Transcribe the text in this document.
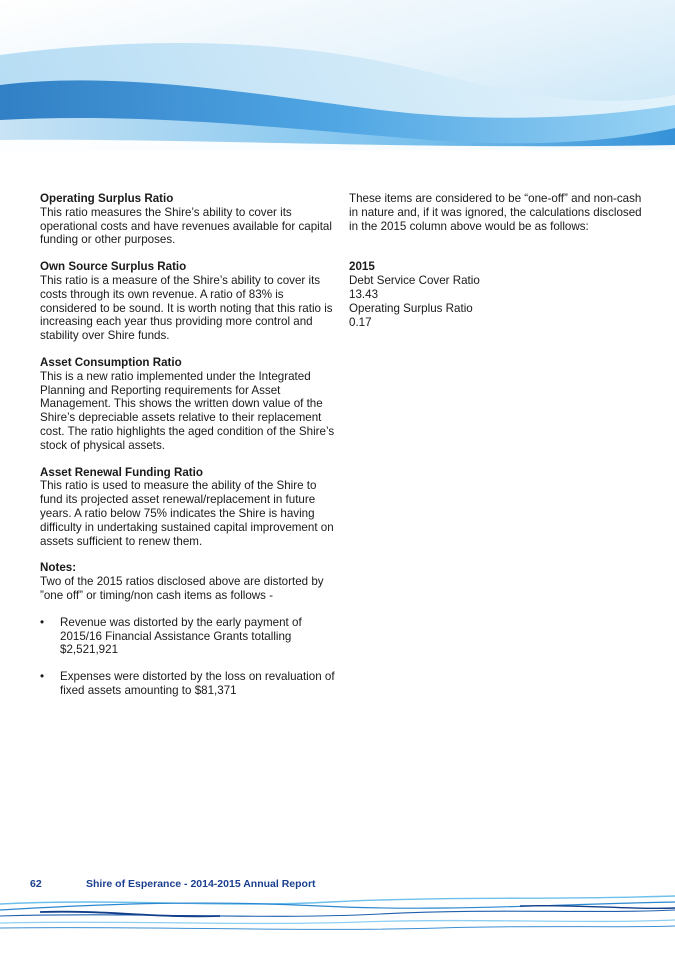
Operating Surplus Ratio

This ratio measures the Shire’s ability to cover its operational costs and have revenues available for capital funding or other purposes.

Own Source Surplus Ratio

This ratio is a measure of the Shire’s ability to cover its costs through its own revenue. A ratio of 83% is considered to be sound. It is worth noting that this ratio is increasing each year thus providing more control and stability over Shire funds.

Asset Consumption Ratio

This is a new ratio implemented under the Integrated Planning and Reporting requirements for Asset Management. This shows the written down value of the Shire’s depreciable assets relative to their replacement cost. The ratio highlights the aged condition of the Shire’s stock of physical assets.

Asset Renewal Funding Ratio

This ratio is used to measure the ability of the Shire to fund its projected asset renewal/replacement in future years. A ratio below 75% indicates the Shire is having difficulty in undertaking sustained capital improvement on assets sufficient to renew them.

Notes:

Two of the 2015 ratios disclosed above are distorted by ”one off” or timing/non cash items as follows -

• Revenue was distorted by the early payment of 2015/16 Financial Assistance Grants totalling $2,521,921
• Expenses were distorted by the loss on revaluation of fixed assets amounting to $81,371

These items are considered to be “one-off” and non-cash in nature and, if it was ignored, the calculations disclosed in the 2015 column above would be as follows:

2015

Debt Service Cover Ratio

13.43

Operating Surplus Ratio

0.17

62	Shire of Esperance - 2014-2015 Annual Report
